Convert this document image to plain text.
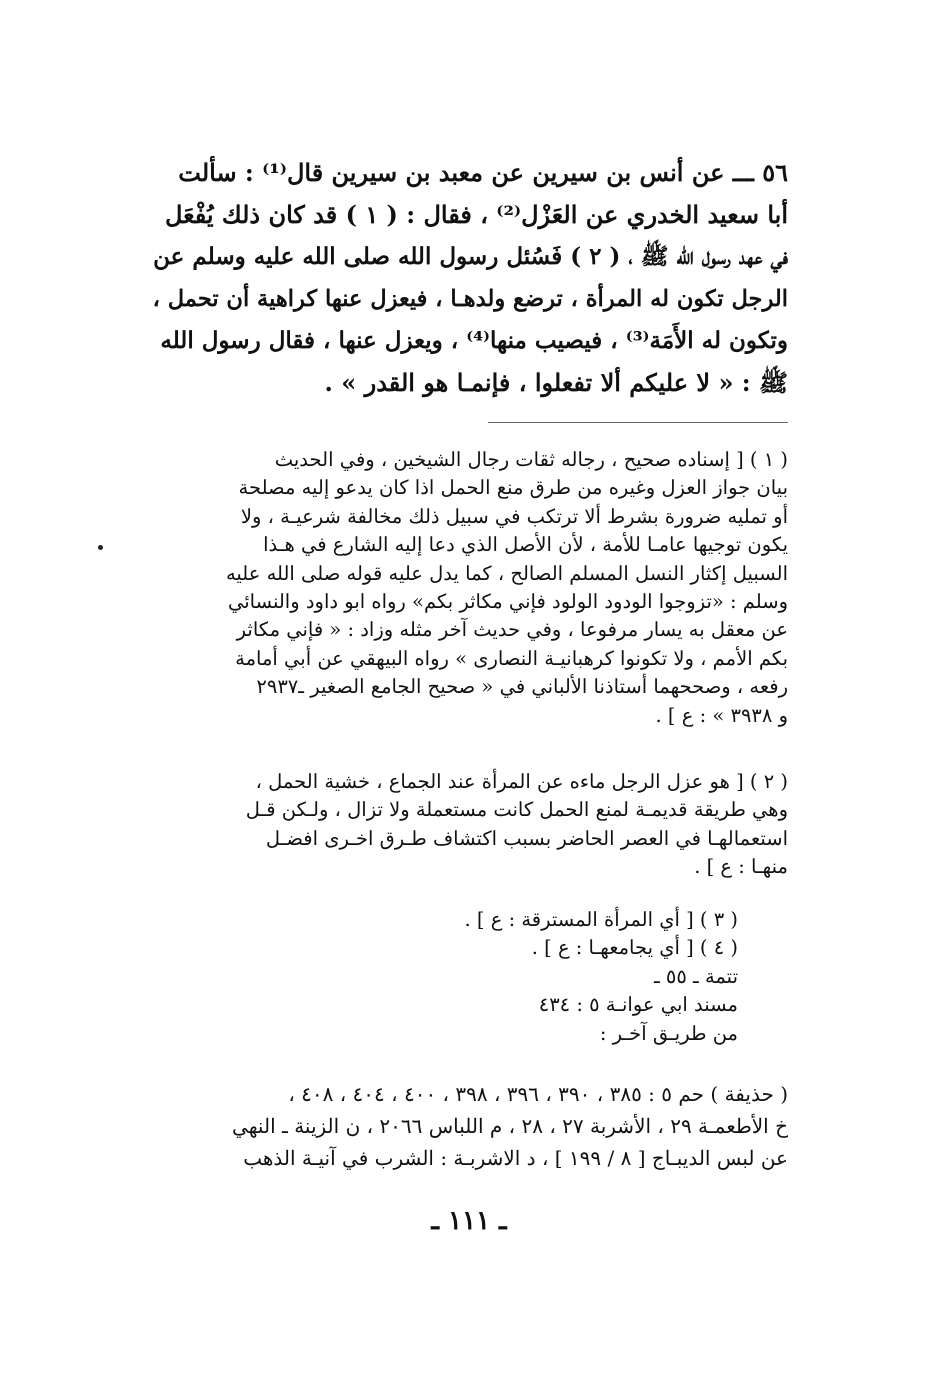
٥٦ ـــ عن أنس بن سيرين عن معبد بن سيرين قال⁽¹⁾ : سألت
أبا سعيد الخدري عن العَزْل⁽²⁾ ، فقال : ( ١ ) قد كان ذلك يُفْعَل
في عهد رسول الله ﷺ ، ( ٢ ) فَسُئل رسول الله صلى الله عليه وسلم عن
الرجل تكون له المرأة ، ترضع ولدهـا ، فيعزل عنها كراهية أن تحمل ،
وتكون له الأَمَة⁽³⁾ ، فيصيب منها⁽⁴⁾ ، ويعزل عنها ، فقال رسول الله
ﷺ : « لا عليكم ألا تفعلوا ، فإنمـا هو القدر » .
( ١ ) [ إسناده صحيح ، رجاله ثقات رجال الشيخين ، وفي الحديث
بيان جواز العزل وغيره من طرق منع الحمل اذا كان يدعو إليه مصلحة
أو تمليه ضرورة بشرط ألا ترتكب في سبيل ذلك مخالفة شرعيـة ، ولا
يكون توجيها عامـا للأمة ، لأن الأصل الذي دعا إليه الشارع في هـذا
السبيل إكثار النسل المسلم الصالح ، كما يدل عليه قوله صلى الله عليه
وسلم : «تزوجوا الودود الولود فإني مكاثر بكم» رواه ابو داود والنسائي
عن معقل به يسار مرفوعا ، وفي حديث آخر مثله وزاد : « فإني مكاثر
بكم الأمم ، ولا تكونوا كرهبانيـة النصارى » رواه البيهقي عن أبي أمامة
رفعه ، وصححهما أستاذنا الألباني في « صحيح الجامع الصغير ـ٢٩٣٧
و ٣٩٣٨ » : ع ] .
( ٢ ) [ هو عزل الرجل ماءه عن المرأة عند الجماع ، خشية الحمل ،
وهي طريقة قديمـة لمنع الحمل كانت مستعملة ولا تزال ، ولـكن قـل
استعمالهـا في العصر الحاضر بسبب اكتشاف طـرق اخـرى افضـل
منهـا : ع ] .
( ٣ ) [ أي المرأة المسترقة : ع ] .
( ٤ ) [ أي يجامعهـا : ع ] .
تتمة ـ ٥٥ ـ
مسند ابي عوانـة ٥ : ٤٣٤
من طريـق آخـر :
( حذيفة ) حم ٥ : ٣٨٥ ، ٣٩٠ ، ٣٩٦ ، ٣٩٨ ، ٤٠٠ ، ٤٠٤ ، ٤٠٨ ،
خ الأطعمـة ٢٩ ، الأشربة ٢٧ ، ٢٨ ، م اللباس ٢٠٦٦ ، ن الزينة ـ النهي
عن لبس الديبـاج [ ٨ / ١٩٩ ] ، د الاشربـة : الشرب في آنيـة الذهب
ـ ١١١ ـ
